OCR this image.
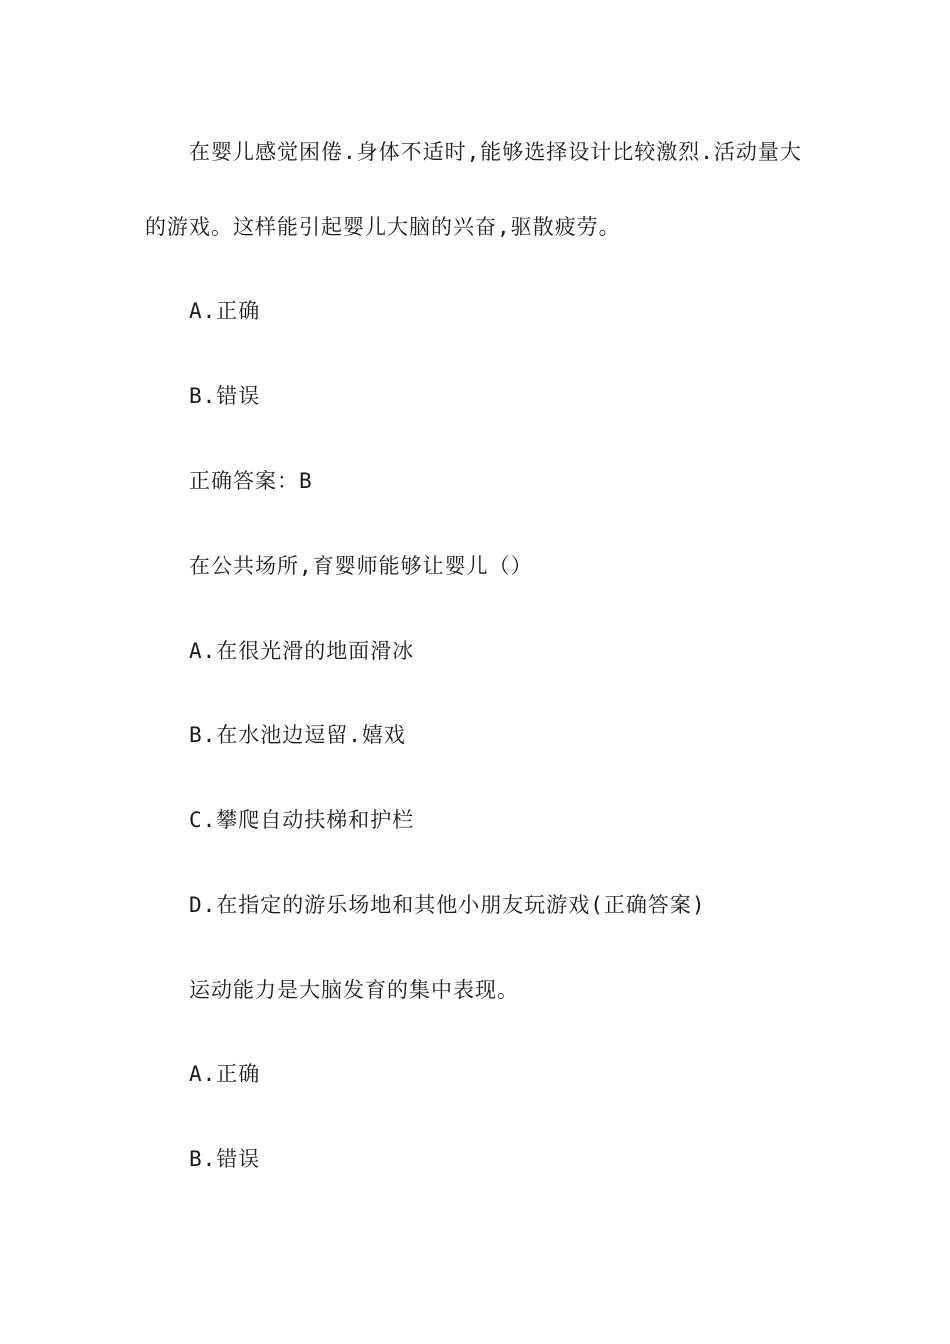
在婴儿感觉困倦.身体不适时,能够选择设计比较激烈.活动量大
的游戏。这样能引起婴儿大脑的兴奋,驱散疲劳。
A.正确
B.错误
正确答案：B
在公共场所,育婴师能够让婴儿（）
A.在很光滑的地面滑冰
B.在水池边逗留.嬉戏
C.攀爬自动扶梯和护栏
D.在指定的游乐场地和其他小朋友玩游戏(正确答案)
运动能力是大脑发育的集中表现。
A.正确
B.错误
